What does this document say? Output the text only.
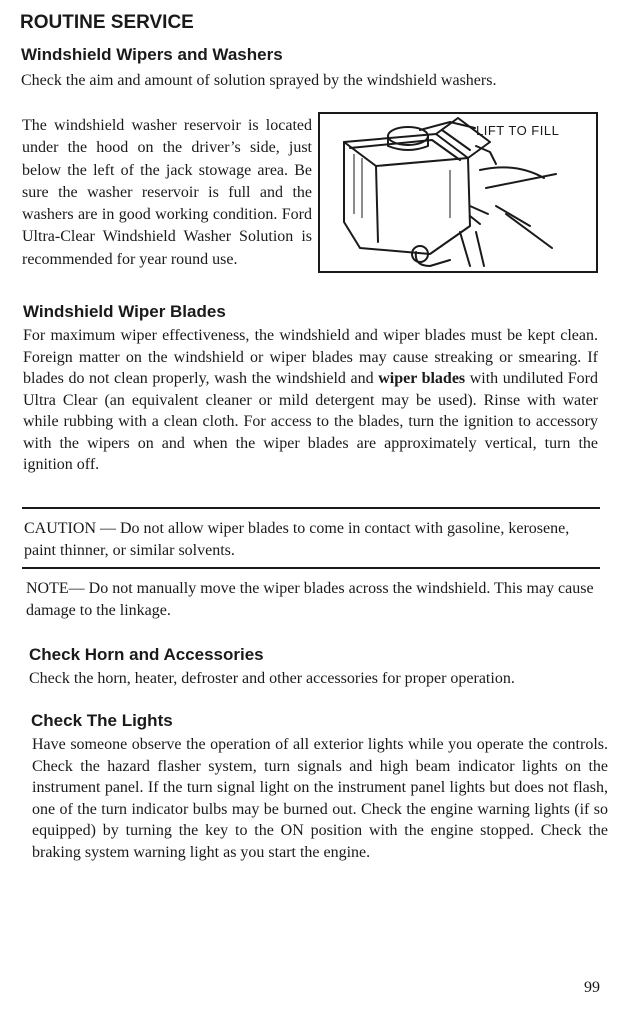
ROUTINE SERVICE
Windshield Wipers and Washers

Check the aim and amount of solution sprayed by the windshield washers.

The windshield washer reservoir is located under the hood on the driver’s side, just below the left of the jack stowage area. Be sure the washer reservoir is full and the washers are in good working condition. Ford Ultra-Clear Windshield Washer Solution is recommended for year round use.

LIFT TO FILL
Windshield Wiper Blades

For maximum wiper effectiveness, the windshield and wiper blades must be kept clean. Foreign matter on the windshield or wiper blades may cause streaking or smearing. If blades do not clean properly, wash the windshield and wiper blades with undiluted Ford Ultra Clear (an equivalent cleaner or mild detergent may be used). Rinse with water while rubbing with a clean cloth. For access to the blades, turn the ignition to accessory with the wipers on and when the wiper blades are approximately vertical, turn the ignition off.

CAUTION — Do not allow wiper blades to come in contact with gasoline, kerosene, paint thinner, or similar solvents.

NOTE— Do not manually move the wiper blades across the windshield. This may cause damage to the linkage.

Check Horn and Accessories

Check the horn, heater, defroster and other accessories for proper operation.

Check The Lights

Have someone observe the operation of all exterior lights while you operate the controls. Check the hazard flasher system, turn signals and high beam indicator lights on the instrument panel. If the turn signal light on the instrument panel lights but does not flash, one of the turn indicator bulbs may be burned out. Check the engine warning lights (if so equipped) by turning the key to the ON position with the engine stopped. Check the braking system warning light as you start the engine.

99
